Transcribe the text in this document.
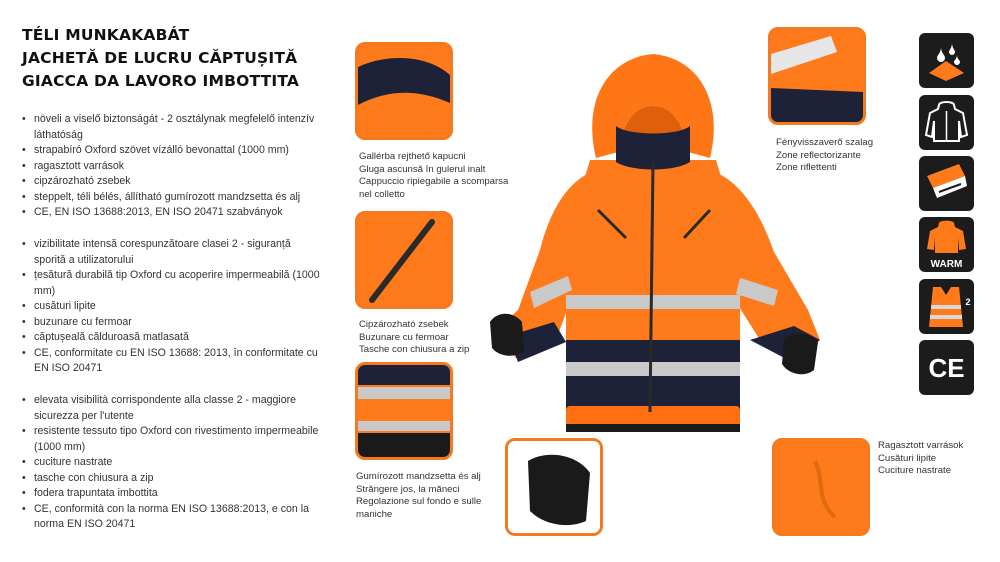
TÉLI MUNKAKABÁT
JACHETĂ DE LUCRU CĂPTUȘITĂ
GIACCA DA LAVORO IMBOTTITA
• növeli a viselő biztonságát - 2 osztálynak megfelelő intenzív láthatóság
• strapabíró Oxford szövet vízálló bevonattal (1000 mm)
• ragasztott varrások
• cipzározható zsebek
• steppelt, téli bélés, állítható gumírozott mandzsetta és alj
• CE, EN ISO 13688:2013, EN ISO 20471 szabványok
• vizibilitate intensă corespunzătoare clasei 2 - siguranță sporită a utilizatorului
• țesătură durabilă tip Oxford cu acoperire impermeabilă (1000 mm)
• cusături lipite
• buzunare cu fermoar
• căptușeală călduroasă matlasată
• CE, conformitate cu EN ISO 13688: 2013, în conformitate cu EN ISO 20471
• elevata visibilità corrispondente alla classe 2 - maggiore sicurezza per l'utente
• resistente tessuto tipo Oxford con rivestimento impermeabile (1000 mm)
• cuciture nastrate
• tasche con chiusura a zip
• fodera trapuntata imbottita
• CE, conformità con la norma EN ISO 13688:2013, e con la norma EN ISO 20471
Gallérba rejthető kapucni
Gluga ascunsă în gulerul inalt
Cappuccio ripiegabile a scomparsa
nel colletto
Cipzározható zsebek
Buzunare cu fermoar
Tasche con chiusura a zip
Gumírozott mandzsetta és alj
Străngere jos, la măneci
Regolazione sul fondo e sulle
maniche
Fényvisszaverő szalag
Zone reflectorizante
Zone riflettenti
Ragasztott varrások
Cusături lipite
Cuciture nastrate
WARM
2
CE
